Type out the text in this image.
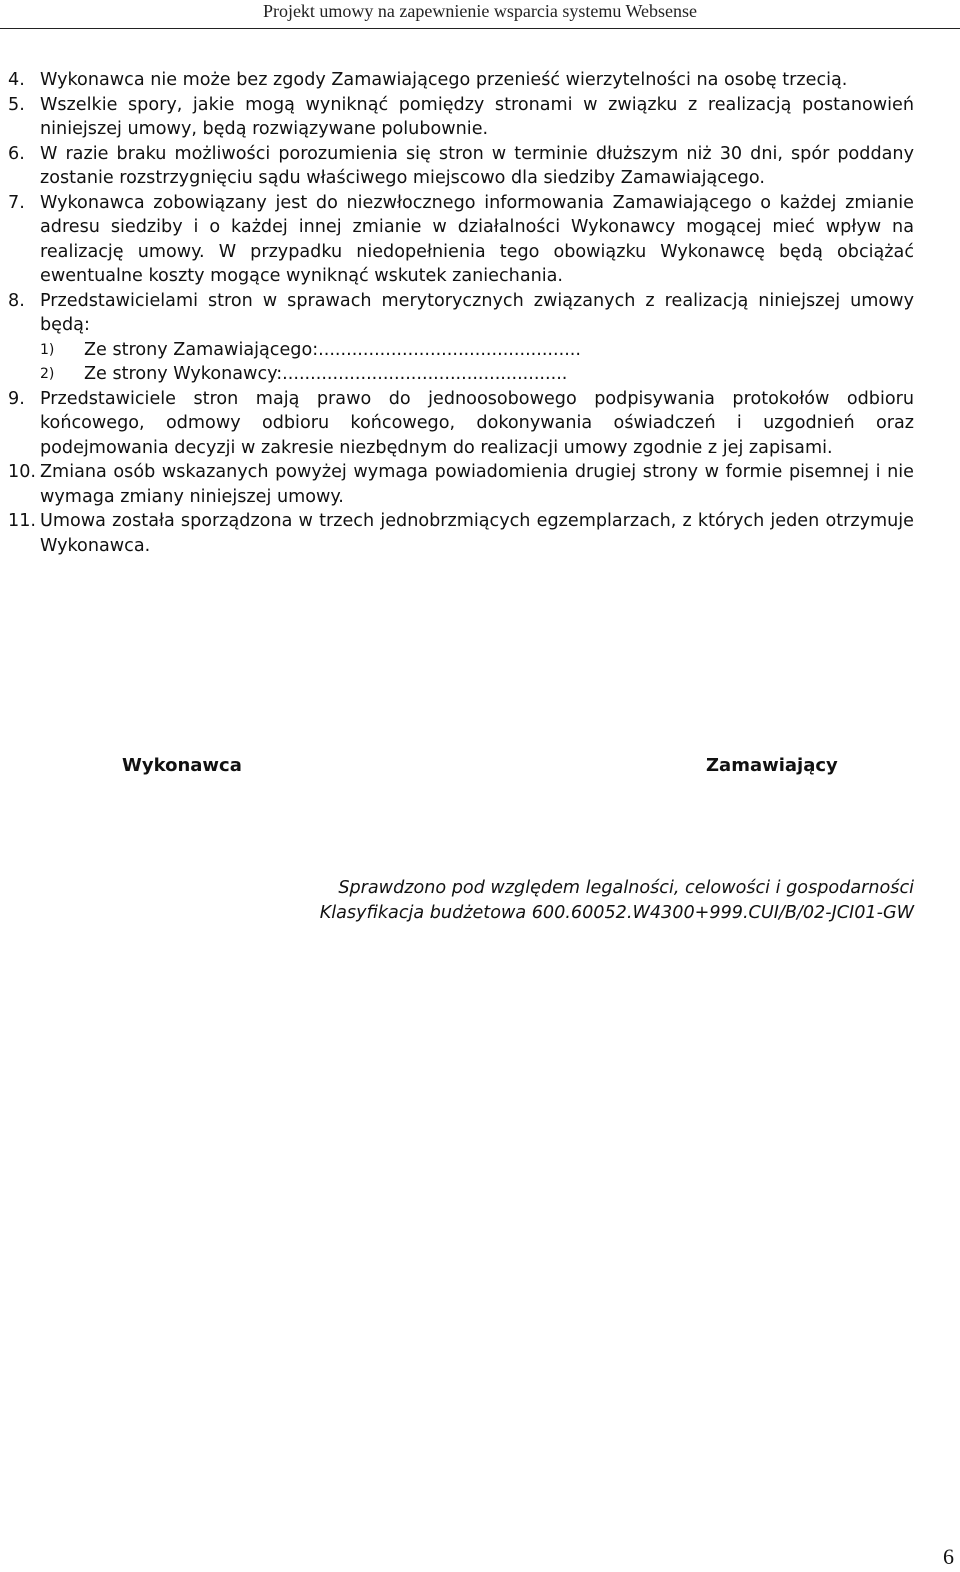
Projekt umowy na zapewnienie wsparcia systemu Websense
4. Wykonawca nie może bez zgody Zamawiającego przenieść wierzytelności na osobę trzecią.
5. Wszelkie spory, jakie mogą wyniknąć pomiędzy stronami w związku z realizacją postanowień niniejszej umowy, będą rozwiązywane polubownie.
6. W razie braku możliwości porozumienia się stron w terminie dłuższym niż 30 dni, spór poddany zostanie rozstrzygnięciu sądu właściwego miejscowo dla siedziby Zamawiającego.
7. Wykonawca zobowiązany jest do niezwłocznego informowania Zamawiającego o każdej zmianie adresu siedziby i o każdej innej zmianie w działalności Wykonawcy mogącej mieć wpływ na realizację umowy. W przypadku niedopełnienia tego obowiązku Wykonawcę będą obciążać ewentualne koszty mogące wyniknąć wskutek zaniechania.
8. Przedstawicielami stron w sprawach merytorycznych związanych z realizacją niniejszej umowy będą:
1)	Ze strony Zamawiającego:...............................................
2)	Ze strony Wykonawcy:...................................................
9. Przedstawiciele stron mają prawo do jednoosobowego podpisywania protokołów odbioru końcowego, odmowy odbioru końcowego, dokonywania oświadczeń i uzgodnień oraz podejmowania decyzji w zakresie niezbędnym do realizacji umowy zgodnie z jej zapisami.
10. Zmiana osób wskazanych powyżej wymaga powiadomienia drugiej strony w formie pisemnej i nie wymaga zmiany niniejszej umowy.
11. Umowa została sporządzona w trzech jednobrzmiących egzemplarzach, z których jeden otrzymuje Wykonawca.
Wykonawca	Zamawiający
Sprawdzono pod względem legalności, celowości i gospodarności
Klasyfikacja budżetowa 600.60052.W4300+999.CUI/B/02-JCI01-GW
6
